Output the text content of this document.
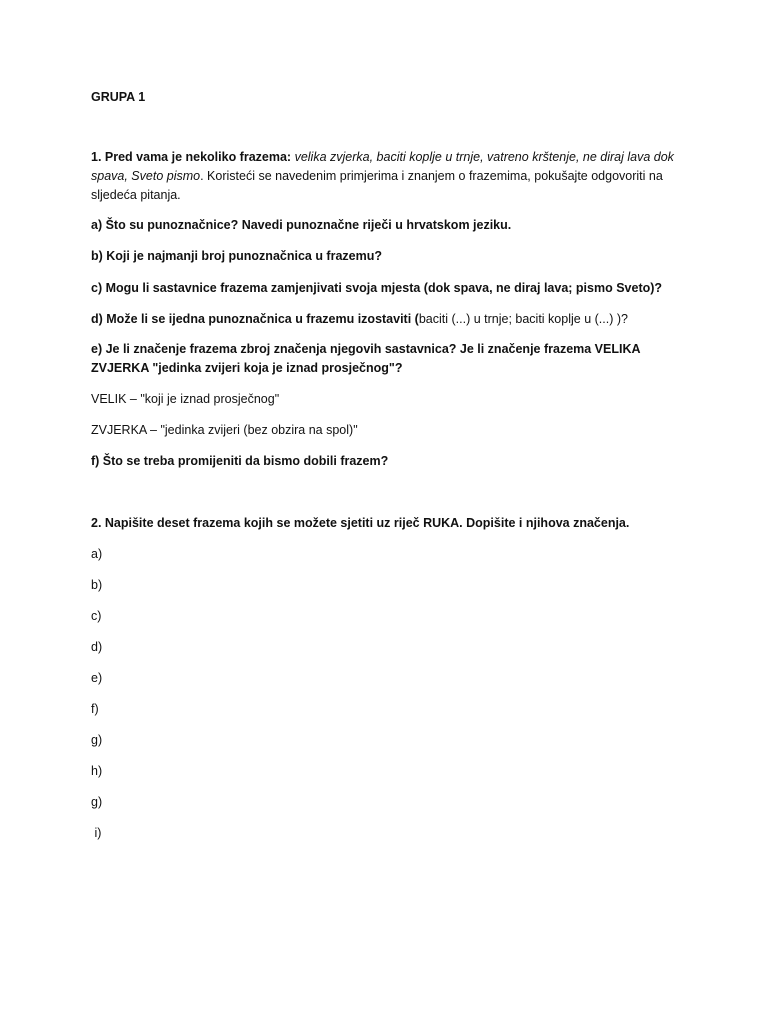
GRUPA 1
1. Pred vama je nekoliko frazema: velika zvjerka, baciti koplje u trnje, vatreno krštenje, ne diraj lava dok spava, Sveto pismo. Koristeći se navedenim primjerima i znanjem o frazemima, pokušajte odgovoriti na sljedeća pitanja.
a) Što su punoznačnice? Navedi punoznačne riječi u hrvatskom jeziku.
b) Koji je najmanji broj punoznačnica u frazemu?
c) Mogu li sastavnice frazema zamjenjivati svoja mjesta (dok spava, ne diraj lava; pismo Sveto)?
d) Može li se ijedna punoznačnica u frazemu izostaviti (baciti (...) u trnje; baciti koplje u (...) )?
e) Je li značenje frazema zbroj značenja njegovih sastavnica? Je li značenje frazema VELIKA ZVJERKA "jedinka zvijeri koja je iznad prosječnog"?
VELIK – "koji je iznad prosječnog"
ZVJERKA – "jedinka zvijeri (bez obzira na spol)"
f) Što se treba promijeniti da bismo dobili frazem?
2. Napišite deset frazema kojih se možete sjetiti uz riječ RUKA. Dopišite i njihova značenja.
a)
b)
c)
d)
e)
f)
g)
h)
g)
i)
